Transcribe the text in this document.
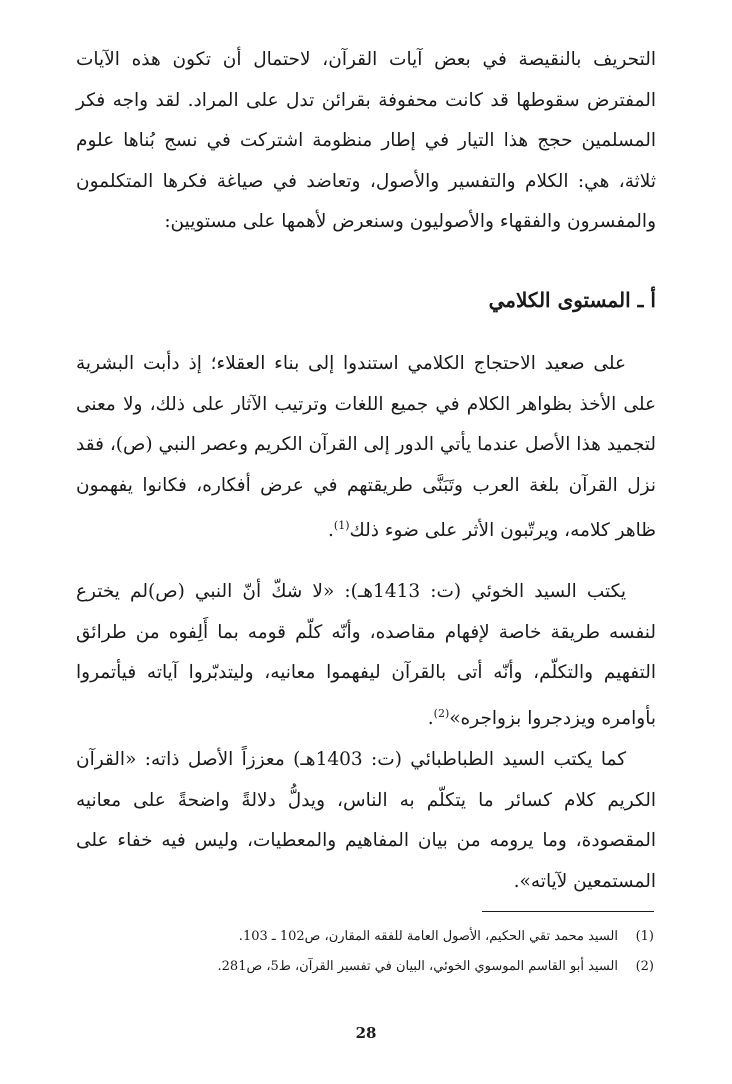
التحريف بالنقيصة في بعض آيات القرآن، لاحتمال أن تكون هذه الآيات المفترض سقوطها قد كانت محفوفة بقرائن تدل على المراد. لقد واجه فكر المسلمين حجج هذا التيار في إطار منظومة اشتركت في نسج بُناها علوم ثلاثة، هي: الكلام والتفسير والأصول، وتعاضد في صياغة فكرها المتكلمون والمفسرون والفقهاء والأصوليون وسنعرض لأهمها على مستويين:

أ ـ المستوى الكلامي

على صعيد الاحتجاج الكلامي استندوا إلى بناء العقلاء؛ إذ دأبت البشرية على الأخذ بظواهر الكلام في جميع اللغات وترتيب الآثار على ذلك، ولا معنى لتجميد هذا الأصل عندما يأتي الدور إلى القرآن الكريم وعصر النبي (ص)، فقد نزل القرآن بلغة العرب وتَبَنَّى طريقتهم في عرض أفكاره، فكانوا يفهمون ظاهر كلامه، ويرتّبون الأثر على ضوء ذلك$^{(1)}$.

يكتب السيد الخوئي (ت: 1413هـ): «لا شكّ أنّ النبي (ص)لم يخترع لنفسه طريقة خاصة لإفهام مقاصده، وأنّه كلّم قومه بما أَلِفوه من طرائق التفهيم والتكلّم، وأنّه أتى بالقرآن ليفهموا معانيه، وليتدبّروا آياته فيأتمروا بأوامره ويزدجروا بزواجره»$^{(2)}$.

كما يكتب السيد الطباطبائي (ت: 1403هـ) معززاً الأصل ذاته: «القرآن الكريم كلام كسائر ما يتكلّم به الناس، ويدلُّ دلالةً واضحةً على معانيه المقصودة، وما يرومه من بيان المفاهيم والمعطيات، وليس فيه خفاء على المستمعين لآياته».

(1)السيد محمد تقي الحكيم، الأصول العامة للفقه المقارن، ص102 ـ 103.

(2)السيد أبو القاسم الموسوي الخوئي، البيان في تفسير القرآن، ط5، ص281.

28
